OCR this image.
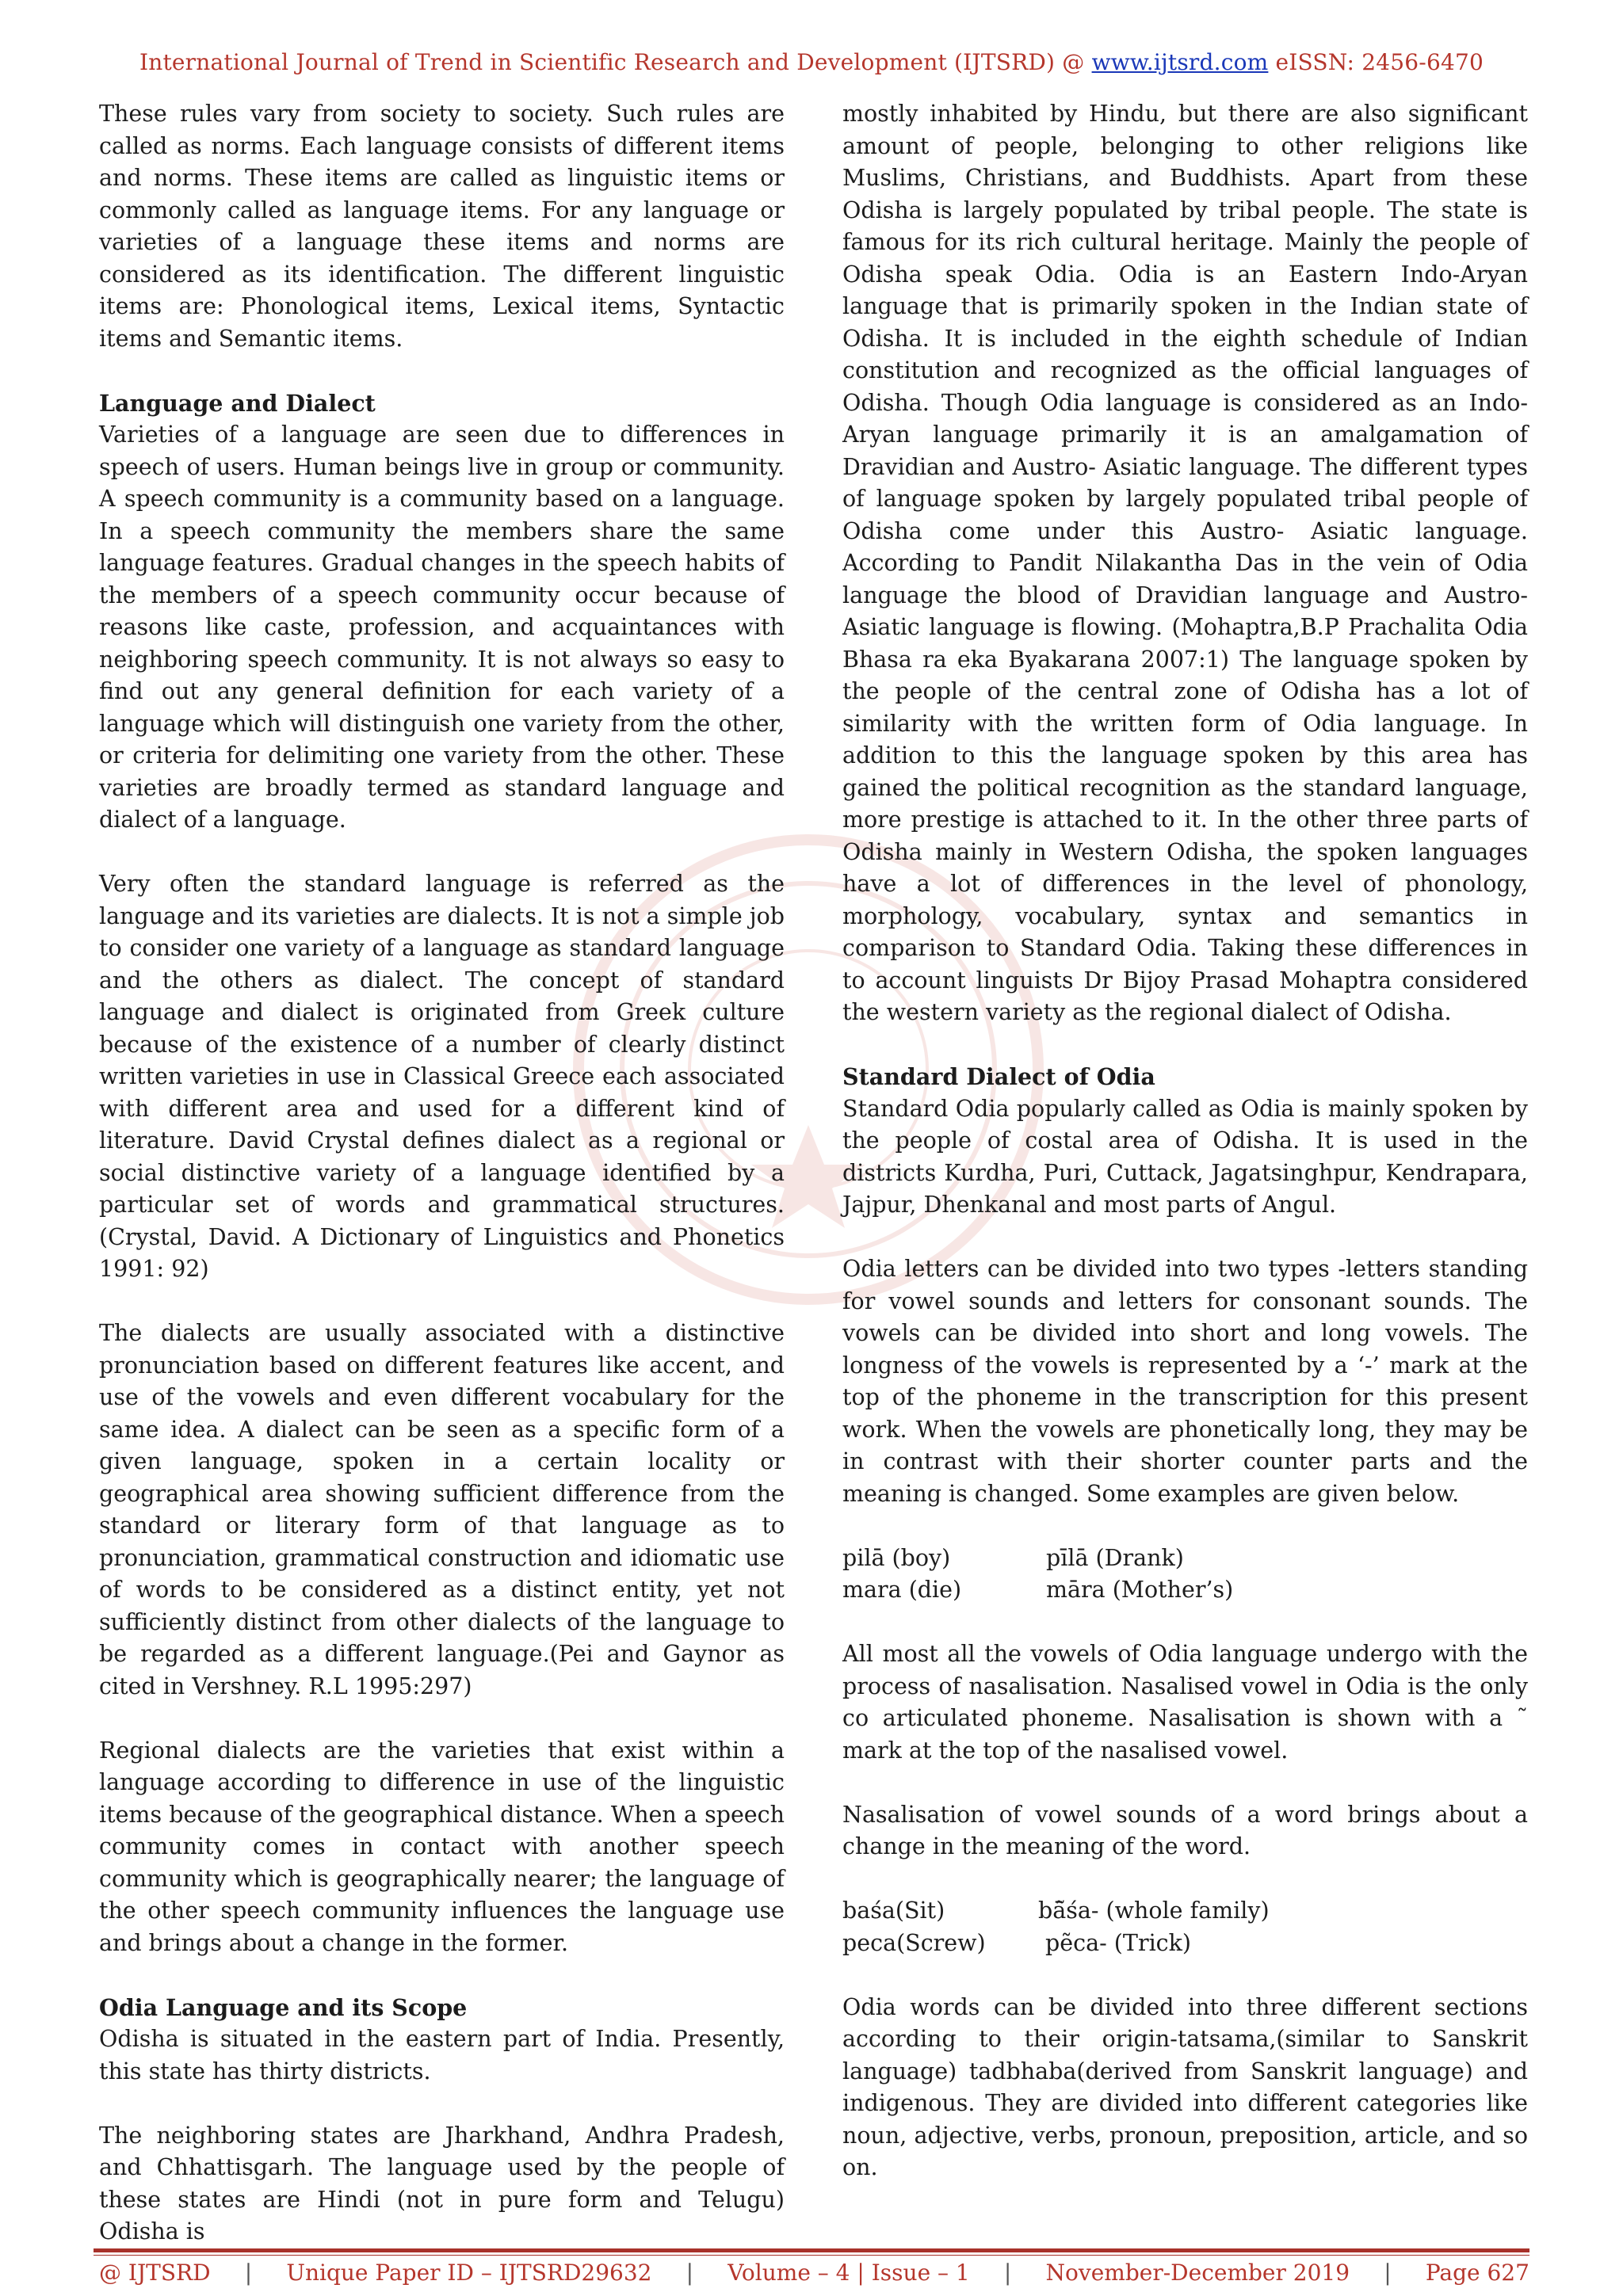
International Journal of Trend in Scientific Research and Development (IJTSRD) @ www.ijtsrd.com eISSN: 2456-6470

These rules vary from society to society. Such rules are called as norms. Each language consists of different items and norms. These items are called as linguistic items or commonly called as language items. For any language or varieties of a language these items and norms are considered as its identification. The different linguistic items are: Phonological items, Lexical items, Syntactic items and Semantic items.

Language and Dialect

Varieties of a language are seen due to differences in speech of users. Human beings live in group or community. A speech community is a community based on a language. In a speech community the members share the same language features. Gradual changes in the speech habits of the members of a speech community occur because of reasons like caste, profession, and acquaintances with neighboring speech community. It is not always so easy to find out any general definition for each variety of a language which will distinguish one variety from the other, or criteria for delimiting one variety from the other. These varieties are broadly termed as standard language and dialect of a language.

Very often the standard language is referred as the language and its varieties are dialects. It is not a simple job to consider one variety of a language as standard language and the others as dialect. The concept of standard language and dialect is originated from Greek culture because of the existence of a number of clearly distinct written varieties in use in Classical Greece each associated with different area and used for a different kind of literature. David Crystal defines dialect as a regional or social distinctive variety of a language identified by a particular set of words and grammatical structures. (Crystal, David. A Dictionary of Linguistics and Phonetics 1991: 92)

The dialects are usually associated with a distinctive pronunciation based on different features like accent, and use of the vowels and even different vocabulary for the same idea. A dialect can be seen as a specific form of a given language, spoken in a certain locality or geographical area showing sufficient difference from the standard or literary form of that language as to pronunciation, grammatical construction and idiomatic use of words to be considered as a distinct entity, yet not sufficiently distinct from other dialects of the language to be regarded as a different language.(Pei and Gaynor as cited in Vershney. R.L 1995:297)

Regional dialects are the varieties that exist within a language according to difference in use of the linguistic items because of the geographical distance. When a speech community comes in contact with another speech community which is geographically nearer; the language of the other speech community influences the language use and brings about a change in the former.

Odia Language and its Scope

Odisha is situated in the eastern part of India. Presently, this state has thirty districts.

The neighboring states are Jharkhand, Andhra Pradesh, and Chhattisgarh. The language used by the people of these states are Hindi (not in pure form and Telugu) Odisha is

mostly inhabited by Hindu, but there are also significant amount of people, belonging to other religions like Muslims, Christians, and Buddhists. Apart from these Odisha is largely populated by tribal people. The state is famous for its rich cultural heritage. Mainly the people of Odisha speak Odia. Odia is an Eastern Indo-Aryan language that is primarily spoken in the Indian state of Odisha. It is included in the eighth schedule of Indian constitution and recognized as the official languages of Odisha. Though Odia language is considered as an Indo-Aryan language primarily it is an amalgamation of Dravidian and Austro- Asiatic language. The different types of language spoken by largely populated tribal people of Odisha come under this Austro- Asiatic language. According to Pandit Nilakantha Das in the vein of Odia language the blood of Dravidian language and Austro-Asiatic language is flowing. (Mohaptra,B.P Prachalita Odia Bhasa ra eka Byakarana 2007:1) The language spoken by the people of the central zone of Odisha has a lot of similarity with the written form of Odia language. In addition to this the language spoken by this area has gained the political recognition as the standard language, more prestige is attached to it. In the other three parts of Odisha mainly in Western Odisha, the spoken languages have a lot of differences in the level of phonology, morphology, vocabulary, syntax and semantics in comparison to Standard Odia. Taking these differences in to account linguists Dr Bijoy Prasad Mohaptra considered the western variety as the regional dialect of Odisha.

Standard Dialect of Odia

Standard Odia popularly called as Odia is mainly spoken by the people of costal area of Odisha. It is used in the districts Kurdha, Puri, Cuttack, Jagatsinghpur, Kendrapara, Jajpur, Dhenkanal and most parts of Angul.

Odia letters can be divided into two types -letters standing for vowel sounds and letters for consonant sounds. The vowels can be divided into short and long vowels. The longness of the vowels is represented by a ‘-’ mark at the top of the phoneme in the transcription for this present work. When the vowels are phonetically long, they may be in contrast with their shorter counter parts and the meaning is changed. Some examples are given below.

pilā (boy)	pīlā (Drank)
mara (die)	māra (Mother’s)

All most all the vowels of Odia language undergo with the process of nasalisation. Nasalised vowel in Odia is the only co articulated phoneme. Nasalisation is shown with a ˜ mark at the top of the nasalised vowel.

Nasalisation of vowel sounds of a word brings about a change in the meaning of the word.

baśa(Sit)	bā̃śa- (whole family)
peca(Screw)	pẽca- (Trick)

Odia words can be divided into three different sections according to their origin-tatsama,(similar to Sanskrit language) tadbhaba(derived from Sanskrit language) and indigenous. They are divided into different categories like noun, adjective, verbs, pronoun, preposition, article, and so on.

@ IJTSRD | Unique Paper ID – IJTSRD29632 | Volume – 4 | Issue – 1 | November-December 2019 | Page 627
